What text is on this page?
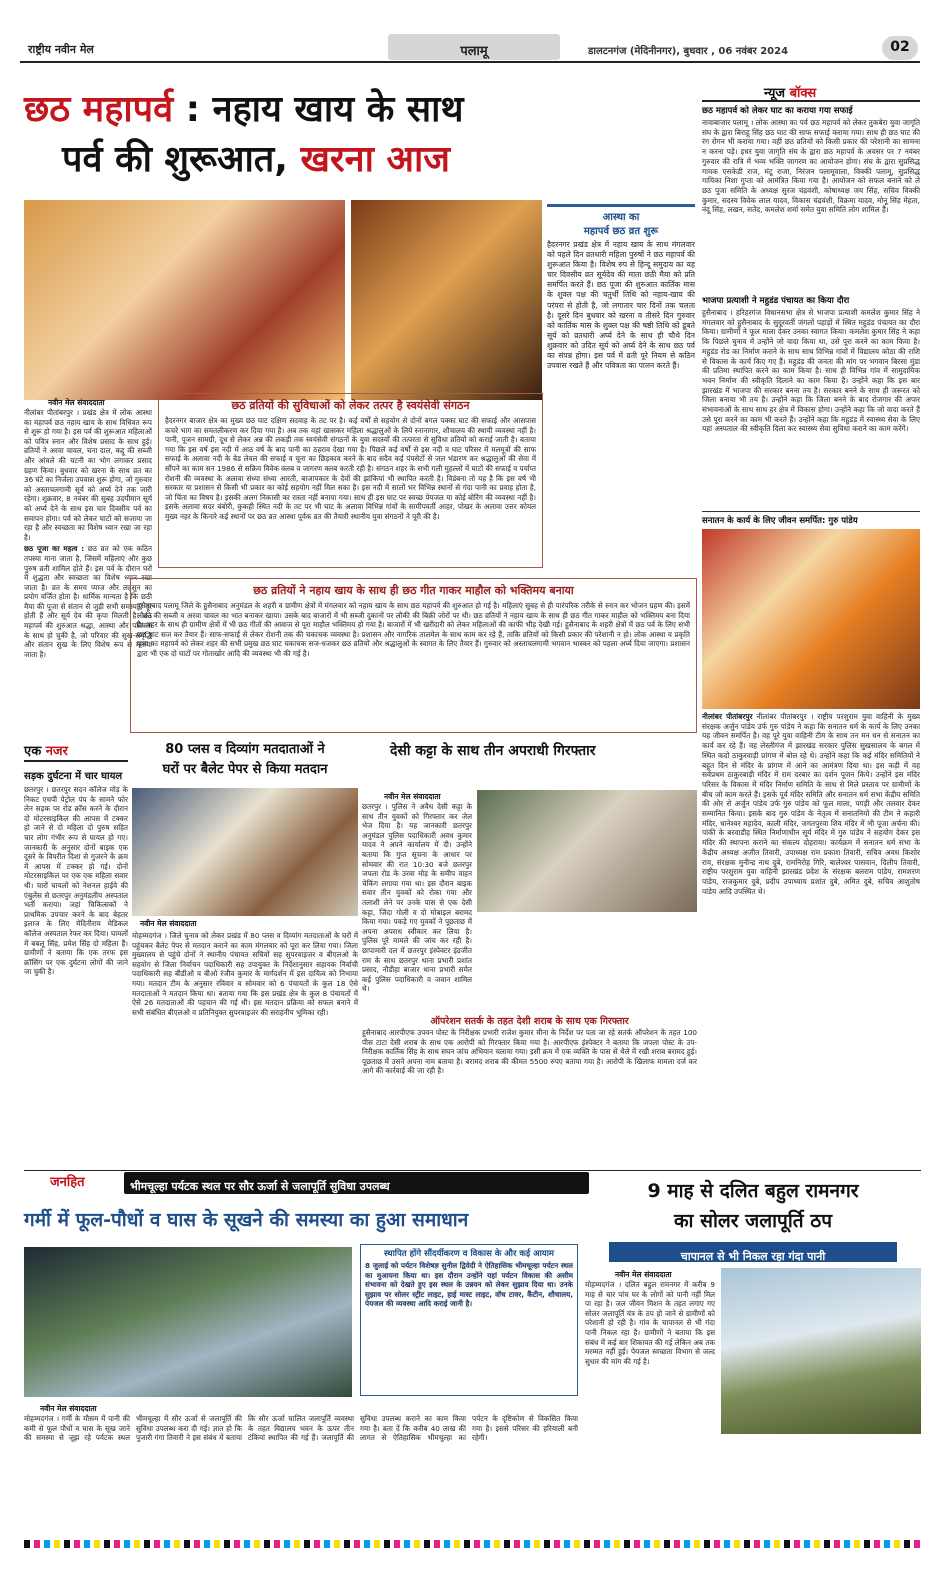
राष्ट्रीय नवीन मेल	पलामू	डालटनगंज (मेदिनीनगर), बुधवार , 06 नवंबर 2024	02
छठ महापर्व : नहाय खाय के साथ
पर्व की शुरूआत, खरना आज
नवीन मेल संवाददाता

नीलांबर पीतांबरपुर । प्रखंड क्षेत्र में लोक आस्था का महापर्व छठ नहाय खाय के साथ विधिवत रूप से शुरू हो गया है। इस पर्व की शुरूआत महिलाओं को पवित्र स्नान और विशेष प्रसाद के साथ हुई। व्रतियों ने अरवा चावल, चना दाल, कद्दू की सब्जी और आंवले की चटनी का भोग लगाकर प्रसाद ग्रहण किया। बुधवार को खरना के साथ व्रत का 36 घंटे का निर्जला उपवास शुरू होगा, जो गुरुवार को अस्ताचलगामी सूर्य को अर्घ्य देने तक जारी रहेगा। शुक्रवार, 8 नवंबर की सुबह उदयीमान सूर्य को अर्घ्य देने के साथ इस चार दिवसीय पर्व का समापन होगा। पर्व को लेकर घाटों को सजाया जा रहा है और स्वच्छता का विशेष ध्यान रखा जा रहा है।

छठ पूजा का महत्व : छठ व्रत को एक कठिन तपस्या माना जाता है, जिसमें महिलाएं और कुछ पुरुष व्रती शामिल होते हैं। इस पर्व के दौरान घरों में शुद्धता और स्वच्छता का विशेष ध्यान रखा जाता है। व्रत के समय प्याज और लहसुन का प्रयोग वर्जित होता है। धार्मिक मान्यता है कि छठी मैया की पूजा से संतान से जुड़ी सभी समस्याएं दूर होती हैं और सूर्य देव की कृपा मिलती है। छठ महापर्व की शुरुआत श्रद्धा, आस्था और पवित्रता के साथ हो चुकी है, जो परिवार की सुख-समृद्धि और संतान सुख के लिए विशेष रूप से मनाया जाता है।

आस्था का
महापर्व छठ व्रत शुरू
हैदरनगर प्रखंड क्षेत्र में नहाय खाय के साथ मंगलवार को पहले दिन व्रतधारी महिला पुरुषों ने छठ महापर्व की शुरूआत किया है। विशेष रुप से हिन्दू समुदाय का यह चार दिवसीय व्रत सूर्यदेव की माता छठी मैया को प्रति समर्पित करते हैं। छठ पूजा की शुरुआत कार्तिक मास के शुक्ल पक्ष की चतुर्थी तिथि को नहाय-खाय की परंपरा से होती है, जो लगातार चार दिनों तक चलता है। दूसरे दिन बुधवार को खरना व तीसरे दिन गुरुवार को कार्तिक मास के शुक्ल पक्ष की षष्ठी तिथि को डूबते सूर्य को व्रतधारी अर्घ्य देने के साथ ही चौथे दिन शुक्रवार को उदित सूर्य को अर्घ्य देने के साथ छठ पर्व का संपन्न होगा। इस पर्व में व्रती पूरे नियम से कठिन उपवास रखते हैं और पवित्रता का पालन करते हैं।
छठ व्रतियों की सुविधाओं को लेकर तत्पर है स्वयंसेवी संगठन
हैदरनगर बाजार क्षेत्र का मुख्य छठ घाट दक्षिण सदवाह के तट पर है। कई वर्षों से सहयोग से दोनों बगल पक्का घाट की सफाई और आसपास कचरे भाग का समतलीकरण कर दिया गया है। अब तक यहां खासकर महिला श्रद्धालुओं के लिये स्नानागार, शौचालय की स्थायी व्यवस्था नहीं है। पानी, पूजन सामग्री, दूध से लेकर अन्न की लकड़ी तक स्वयंसेवी संगठनों के युवा सदस्यों की तत्परता से सुविधा व्रतियों को कराई जाती है। बताया गया कि इस वर्ष इस नदी में आठ वर्ष के बाद पानी का ठहराव देखा गया है। पिछले कई वर्षों से इस नदी व घाट परिसर में मलमूत्रों की साफ सफाई के अलावा नदी के बेड लेवल की सफाई व चूना का छिड़काव करने के बाद सदैव कई पंपसेटों से जल भंडारण कर श्रद्धालुओं की सेवा में सौंपने का काम सन 1986 से सक्रिय विवेक क्लब व जागरण क्लब करती रही है। संगठन शहर के सभी गली मुहल्लों में घाटों की सफाई व पर्याप्त रोशनी की व्यवस्था के अलावा संध्या संध्या आरती, बाजापकार के देवों की झांकियां भी स्थापित करती है। विडंबना तो यह है कि इस वर्ष भी सरकार या प्रशासन से किसी भी प्रकार का कोई सहयोग नहीं मिल सका है। इस नदी में सालों भर विभिन्न स्थानों से गंदा पानी का प्रवाह होता है, जो चिंता का विषय है। इसकी अलग निकासी का रास्ता नहीं बनाया गया। साथ ही इस घाट पर स्वच्छ पेयजल या कोई बोरिंग की व्यवस्था नहीं है। इसके अलावा सदर बंबोरी, कुकही स्थित नदी के तट पर भी घाट के अलावा विभिन्न गांवों के सामीपवर्ती आहर, पोखर के अलावा उत्तर कोयल मुख्य नहर के किनारे कई स्थानों पर छठ व्रत आस्था पूर्वक व्रत की तैयारी स्थानीय युवा संगठनों ने पूरी की है।
छठ व्रतियों ने नहाय खाय के साथ ही छठ गीत गाकर माहौल को भक्तिमय बनाया
हुसैनाबाद पलामू जिले के हुसैनाबाद अनुमंडल के शहरी व ग्रामीण क्षेत्रों में मंगलवार को नहाय खाय के साथ छठ महापर्व की शुरुआत हो गई है। महिलाएं सुबह से ही पारंपरिक तरीके से स्नान कर भोजन ग्रहण की। इसमें लौकी की सब्जी व अरवा चावल का भात बनाकर खाया। उसके बाद बाजारों में भी सब्जी दुकानों पर लौकी की बिक्री जोरों पर थी। छठ व्रतियों ने नहाय खाय के साथ ही छठ गीत गाकर माहौल को भक्तिमय बना दिया है। शहर के साथ ही ग्रामीण क्षेत्रों में भी छठ गीतों की आवाज से पूरा माहौल भक्तिमय हो गया है। बाजारों में भी खरीदारी को लेकर महिलाओं की काफी भीड़ देखी गई। हुसैनाबाद के शहरी क्षेत्रों में छठ पर्व के लिए सभी छठ घाट सज कर तैयार हैं। साफ-सफाई से लेकर रोशनी तक की चकाचक व्यवस्था है। प्रशासन और नागरिक तालमेल के साथ काम कर रहे हैं, ताकि व्रतियों को किसी प्रकार की परेशानी न हो। लोक आस्था व प्रकृति पूजा का महापर्व को लेकर शहर की सभी प्रमुख छठ घाट चकाचक सज-धजकर छठ व्रतियों और श्रद्धालुओं के स्वागत के लिए तैयार हैं। गुरुवार को अस्ताचलगामी भगवान भास्कर को पहला अर्घ्य दिया जाएगा। प्रशासन द्वारा भी एक दो घाटों पर गोताखोर आदि की व्यवस्था भी की गई है।
न्यूज बॉक्स
छठ महापर्व को लेकर घाट का कराया गया सफाई
नावाबाजार पलामू । लोक आस्था का पर्व छठ महापर्व को लेकर तुकबेरा युवा जागृति संघ के द्वारा बिराहू सिंह छठ घाट की साफ सफाई कराया गया। साथ ही छठ घाट की रंग रोगन भी कराया गया। वहीं छठ व्रतियों को किसी प्रकार की परेशानी का सामना न करना पड़े। इधर युवा जागृति संघ के द्वारा छठ महापर्व के अवसर पर 7 नवंबर गुरुवार की रात्रि में भव्य भक्ति जागरण का आयोजन होगा। संघ के द्वारा सुप्रसिद्ध गायक एसकेडी राज, मंटू राजा, निरंजन पलामूवाला, विक्की पलामू, सुप्रसिद्ध गायिका निशा गुप्ता को आमंत्रित किया गया है। आयोजन को सफल बनाने को ले छठ पूजा समिति के अध्यक्ष सुरज चंद्रवंशी, कोषाध्यक्ष जय सिंह, सचिव विक्की कुमार, सदस्य विवेक लाल यादव, विकास चंद्रवंशी, विक्रमा यादव, मोनू सिंह मेहता, नंदू सिंह, लखन, सतेंद, कमलेश शर्मा समेत युवा समिति लोग शामिल हैं।
भाजपा प्रत्याशी ने महुडंड पंचायत का किया दौरा
हुसैनाबाद । हरिहरगंज विधानसभा क्षेत्र से भाजपा प्रत्याशी कमलेश कुमार सिंह ने मंगलवार को हुसैनाबाद के सुदूरवर्ती जंगलों पहाड़ों में स्थित महुडंड पंचायत का दौरा किया। ग्रामीणों ने फूल माला देकर उनका स्वागत किया। कमलेश कुमार सिंह ने कहा कि पिछले चुनाव में उन्होंने जो वादा किया था, उसे पूरा करने का काम किया है। महुडंड रोड का निर्माण कराने के साथ साथ विभिन्न गांवों में विद्यालय कोठा की राशि से विकास के कार्य किए गए हैं। महुडंड की जनता की मांग पर भगवान बिरसा मुंडा की प्रतिमा स्थापित करने का काम किया है। साथ ही विभिन्न गांव में सामुदायिक भवन निर्माण की स्वीकृति दिलाने का काम किया है। उन्होंने कहा कि इस बार झारखंड में भाजपा की सरकार बनना तय है। सरकार बनने के साथ ही जरूरत को जिला बनाया भी तय है। उन्होंने कहा कि जिला बनने के बाद रोजगार की अपार संभावनाओं के साथ साथ हर क्षेत्र में विकास होगा। उन्होंने कहा कि जो वादा करते हैं उसे पूरा करने का काम भी करते हैं। उन्होंने कहा कि महुडंड में स्वास्थ्य सेवा के लिए यहां अस्पताल की स्वीकृति दिला कर स्वास्थ्य सेवा सुविधा कराने का काम करेंगे।
सनातन के कार्य के लिए जीवन समर्पित: गुरु पांडेय
नीलांबर पीतांबरपुर नीलांबर पीतांबरपुर । राष्ट्रीय परशुराम युवा वाहिनी के मुख्य संरक्षक अर्जुन पांडेय उर्फ गुरु पांडेय ने कहा कि सनातन धर्म के कार्य के लिए उनका यह जीवन समर्पित है। वह पूरे युवा वाहिनी टीम के साथ तन मन धन से सनातन का कार्य कर रहे हैं। वह लेस्लीगंज में झारखंड सरकार पुलिस सुखसालय के बगल में स्थित कदो ठाकुरवाड़ी प्रांगण में बोल रहे थे। उन्होंने कहा कि कई मंदिर समितियों ने बहुत दिन से मंदिर के प्रांगण में आने का आमंत्रण दिया था। इस कड़ी में वह सर्वप्रथम ठाकुरबाड़ी मंदिर में राम दरबार का दर्शन पूजन किये। उन्होंने इस मंदिर परिसर के विकास में मंदिर निर्माण समिति के साथ से मिले प्रस्ताव पर ग्रामीणों के बीच जो काम करते हैं। इसके पूर्व मंदिर समिति और सनातन धर्म सभा केंद्रीय समिति की ओर से अर्जुन पांडेय उर्फ गुरु पांडेय को फूल माला, पगड़ी और तलवार देकर सम्मानित किया। इसके बाद गुरु पांडेय के नेतृत्व में सनातनियों की टीम ने कहारी मंदिर, धानेश्वर महादेव, काली मंदिर, जगतपुरवा शिव मंदिर में भी पूजा अर्चना की। पांकी के बरवाडीह स्थित निर्माणाधीन सूर्य मंदिर में गुरु पांडेय ने सहयोग देकर इस मंदिर की स्थापना कराने का संकल्प दोहराया। कार्यक्रम में सनातन धर्म सभा के केंद्रीय अध्यक्ष अजीत तिवारी, उपाध्यक्ष राम प्रकाश तिवारी, सचिव अवध किशोर राय, संरक्षक मुनीन्द्र नाथ दुबे, रामनिरोह गिरि, बालेश्वर पासवान, दिलीप तिवारी, राष्ट्रीय परशुराम युवा वाहिनी झारखंड प्रदेश के संरक्षक बलराम पांडेय, रामशरण पांडेय, राजकुमार दुबे, प्रदीप उपाध्याय प्रशांत दुबे, अमित दुबे, सचिव आशुतोष पांडेय आदि उपस्थित थे।
एक नजर
सड़क दुर्घटना में चार घायल
छतरपुर । छतरपुर सदन कॉलेज मोड़ के निकट एचपी पेट्रोल पंप के सामने फोर लेन सड़क पर रोड क्रॉस करने के दौरान दो मोटरसाइकिल की आपस में टक्कर हो जाने से दो महिला दो पुरुष सहित चार लोग गंभीर रूप से घायल हो गए। जानकारी के अनुसार दोनों बाइक एक दूसरे के विपरीत दिशा से गुजरने के क्रम में आपस में टक्कर हो गई। दोनों मोटरसाइकिल पर एक एक महिला सवार थी। चारों घायलों को नेशनल हाईवे की एंबुलेंस से छतरपुर अनुमंडलीय अस्पताल भर्ती कराया। जहां चिकित्सकों ने प्राथमिक उपचार करने के बाद बेहतर इलाज के लिए मेदिनीराय मेडिकल कॉलेज अस्पताल रेफर कर दिया। घायलों में बबलू सिंह, प्रमेश सिंह दो महिला हैं। ग्रामीणों ने बताया कि एक तरफ इस क्रॉसिंग पर एक दुर्घटना लोगों की जाने जा चुकी है।
80 प्लस व दिव्यांग मतदाताओं ने
घरों पर बैलेट पेपर से किया मतदान
नवीन मेल संवाददाता
मोहम्मदगंज । जिले चुनाव को लेकर प्रखंड में 80 प्लस व दिव्यांग मतदाताओं के घरों में पहुंचकर बैलेट पेपर से मतदान कराने का काम मंगलवार को पूरा कर लिया गया। जिला मुख्यालय से पहुंचे दोनों ने स्थानीय पंचायत सचिवों सह सुपरवाइजर व बीएलओ के सहयोग से जिला निर्वाचन पदाधिकारी सह उपायुक्त के निर्देशानुसार सहायक निर्वाची पदाधिकारी सह बीडीओ व बीओ रंजीव कुमार के मार्गदर्शन में इस दायित्व को निभाया गया। मतदान टीम के अनुसार रविवार व सोमवार को 6 पंचायतों के कुल 18 ऐसे मतदाताओं ने मतदान किया था। बताया गया कि इस प्रखंड क्षेत्र के कुल 8 पंचायतों में ऐसे 26 मतदाताओं की पहचान की गई थी। इस मतदान प्रक्रिया को सफल बनाने में सभी संबंधित बीएलओ व प्रतिनियुक्त सुपरवाइजर की सराहनीय भूमिका रही।
देसी कट्टा के साथ तीन अपराधी गिरफ्तार
नवीन मेल संवाददाता
छतरपुर । पुलिस ने अवैध देसी कट्टा के साथ तीन युवकों को गिरफ्तार कर जेल भेज दिया है। यह जानकारी छतरपुर अनुमंडल पुलिस पदाधिकारी अवध कुमार यादव ने अपने कार्यालय में दी। उन्होंने बताया कि गुप्त सूचना के आधार पर सोमवार की रात 10:30 बजे छतरपुर जपला रोड के उरवा मोड़ के समीप वाहन चेकिंग लगाया गया था। इस दौरान बाइक सवार तीन युवकों को रोका गया और तलाशी लेने पर उनके पास से एक देसी कट्टा, जिंदा गोली व दो मोबाइल बरामद किया गया। पकड़े गए युवकों ने पूछताछ में अपना अपराध स्वीकार कर लिया है। पुलिस पूरे मामले की जांच कर रही है। छापामारी दल में छतरपुर इंस्पेक्टर इंद्रजीत राम के साथ छतरपुर थाना प्रभारी प्रशांत प्रसाद, नौडीहा बाजार थाना प्रभारी समेत कई पुलिस पदाधिकारी व जवान शामिल थे।
ऑपरेशन सतर्क के तहत देशी शराब के साथ एक गिरफ्तार
हुसैनाबाद आरपीएफ उपवन पोस्ट के निरीक्षक प्रभारी राजेश कुमार मीना के निर्देश पर पता जा रहे सतर्क ऑपरेशन के तहत 100 पीस टाटा देसी शराब के साथ एक आरोपी को गिरफ्तार किया गया है। आरपीएफ इंस्पेक्टर ने बताया कि जपला पोस्ट के उप-निरीक्षक कार्तिक सिंह के साथ सघन जांच अभियान चलाया गया। इसी क्रम में एक व्यक्ति के पास से थैले में रखी शराब बरामद हुई। पूछताछ में उसने अपना नाम बताया है। बरामद शराब की कीमत 5500 रुपए बताया गया है। आरोपी के खिलाफ मामला दर्ज कर आगे की कार्रवाई की जा रही है।
जनहित	भीमचूल्हा पर्यटक स्थल पर सौर ऊर्जा से जलापूर्ति सुविधा उपलब्ध
गर्मी में फूल-पौधों व घास के सूखने की समस्या का हुआ समाधान
स्थापित होंगे सौंदर्यीकरण व विकास के और कई आयाम
8 जुलाई को पर्यटन विशेषज्ञ सुनील द्विवेदी ने ऐतिहासिक भीमचूल्हा पर्यटन स्थल का मुआयना किया था। इस दौरान उन्होंने यहां पर्यटन विकास की असीम संभावना को देखते हुए इस स्थल के उन्नयन को लेकर सुझाव दिया था। उनके सुझाव पर सोलर स्ट्रीट लाइट, हाई मास्ट लाइट, वॉच टावर, कैंटीन, शौचालय, पेयजल की व्यवस्था आदि कराई जानी है।
नवीन मेल संवाददाता
मोहम्मदगंज । गर्मी के मौसम में पानी की कमी से फूल पौधों व घास के सूख जाने की समस्या से जूझ रहे पर्यटक स्थल भीमचूल्हा में सौर ऊर्जा से जलापूर्ति की सुविधा उपलब्ध करा दी गई। ज्ञात हो कि पुजारी गंगा तिवारी ने इस संबंध में बताया कि सौर ऊर्जा चालित जलापूर्ति व्यवस्था के तहत विद्यालय भवन के ऊपर तीन टंकियां स्थापित की गई हैं। जलापूर्ति की सुविधा उपलब्ध कराने का काम किया गया है। बता दें कि करीब 40 लाख की लागत से ऐतिहासिक भीमचूल्हा का पर्यटन के दृष्टिकोण से विकसित किया गया है। इससे परिसर की हरियाली बनी रहेगी।
9 माह से दलित बहुल रामनगर
का सोलर जलापूर्ति ठप
चापानल से भी निकल रहा गंदा पानी
नवीन मेल संवाददाता
मोहम्मदगंज । दलित बहुल रामनगर में करीब 9 माह से चार पांच घर के लोगों को पानी नहीं मिल पा रहा है। जल जीवन मिशन के तहत लगाए गए सोलर जलापूर्ति यंत्र के ठप हो जाने से ग्रामीणों को परेशानी हो रही है। गांव के चापानल से भी गंदा पानी निकल रहा है। ग्रामीणों ने बताया कि इस संबंध में कई बार शिकायत की गई लेकिन अब तक मरम्मत नहीं हुई। पेयजल स्वच्छता विभाग से जल्द सुधार की मांग की गई है।
